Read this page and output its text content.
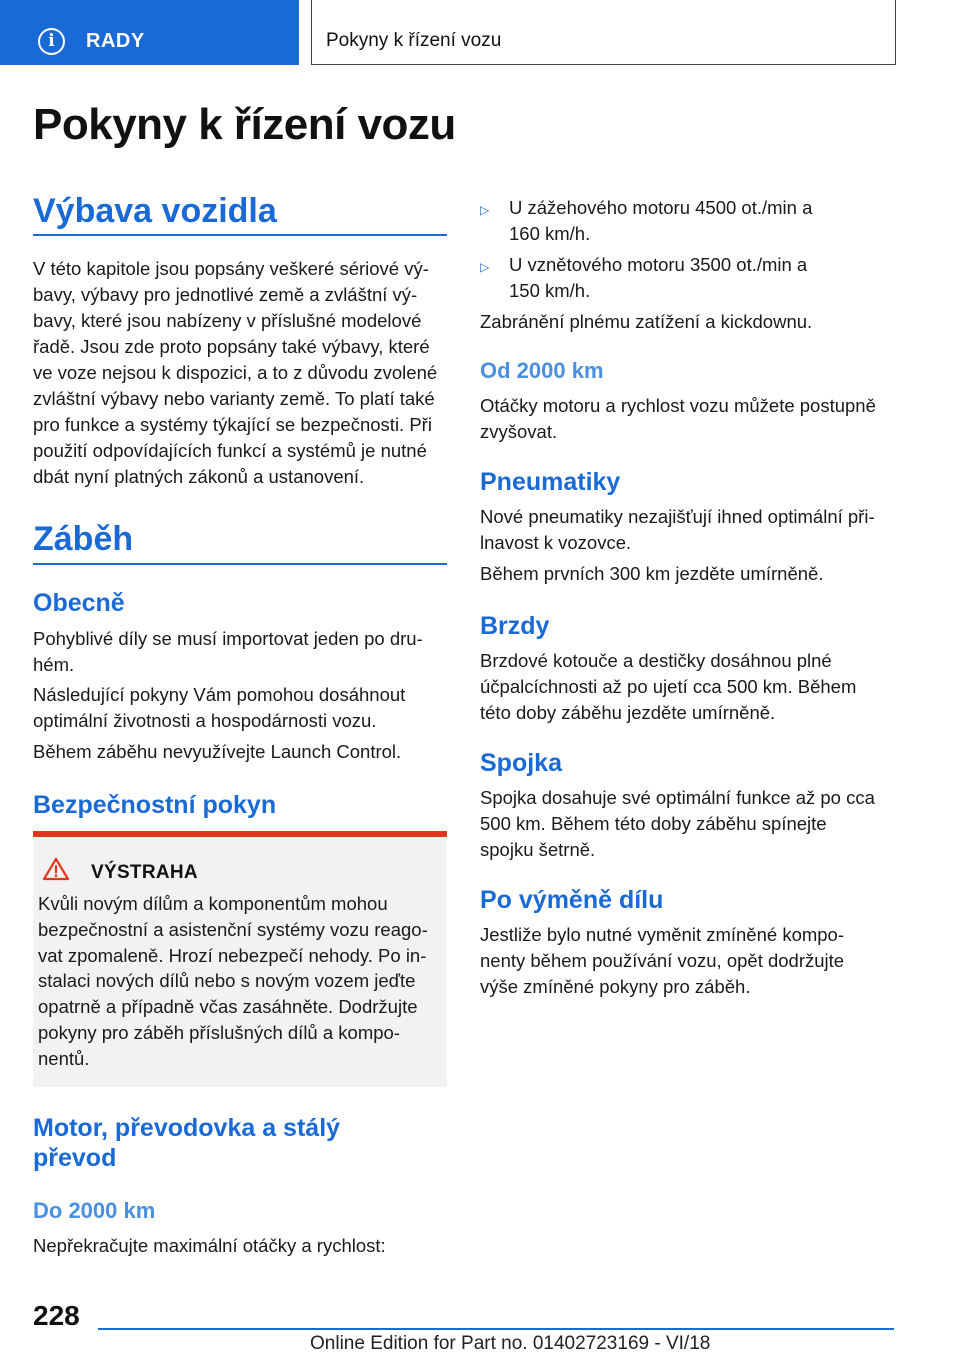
i	RADY	Pokyny k řízení vozu
Pokyny k řízení vozu
Výbava vozidla
V této kapitole jsou popsány veškeré sériové vý‐
bavy, výbavy pro jednotlivé země a zvláštní vý‐
bavy, které jsou nabízeny v příslušné modelové
řadě. Jsou zde proto popsány také výbavy, které
ve voze nejsou k dispozici, a to z důvodu zvolené
zvláštní výbavy nebo varianty země. To platí také
pro funkce a systémy týkající se bezpečnosti. Při
použití odpovídajících funkcí a systémů je nutné
dbát nyní platných zákonů a ustanovení.
Záběh
Obecně
Pohyblivé díly se musí importovat jeden po dru‐
hém.
Následující pokyny Vám pomohou dosáhnout
optimální životnosti a hospodárnosti vozu.
Během záběhu nevyužívejte Launch Control.
Bezpečnostní pokyn
VÝSTRAHA
Kvůli novým dílům a komponentům mohou
bezpečnostní a asistenční systémy vozu reago‐
vat zpomaleně. Hrozí nebezpečí nehody. Po in‐
stalaci nových dílů nebo s novým vozem jeďte
opatrně a případně včas zasáhněte. Dodržujte
pokyny pro záběh příslušných dílů a kompo‐
nentů.
Motor, převodovka a stálý
převod
Do 2000 km
Nepřekračujte maximální otáčky a rychlost:
▷ U zážehového motoru 4500 ot./min a
160 km/h.
▷ U vznětového motoru 3500 ot./min a
150 km/h.
Zabránění plnému zatížení a kickdownu.
Od 2000 km
Otáčky motoru a rychlost vozu můžete postupně
zvyšovat.
Pneumatiky
Nové pneumatiky nezajišťují ihned optimální při‐
lnavost k vozovce.
Během prvních 300 km jezděte umírněně.
Brzdy
Brzdové kotouče a destičky dosáhnou plné
účpalcíchnosti až po ujetí cca 500 km. Během
této doby záběhu jezděte umírněně.
Spojka
Spojka dosahuje své optimální funkce až po cca
500 km. Během této doby záběhu spínejte
spojku šetrně.
Po výměně dílu
Jestliže bylo nutné vyměnit zmíněné kompo‐
nenty během používání vozu, opět dodržujte
výše zmíněné pokyny pro záběh.
228
Online Edition for Part no. 01402723169 - VI/18
